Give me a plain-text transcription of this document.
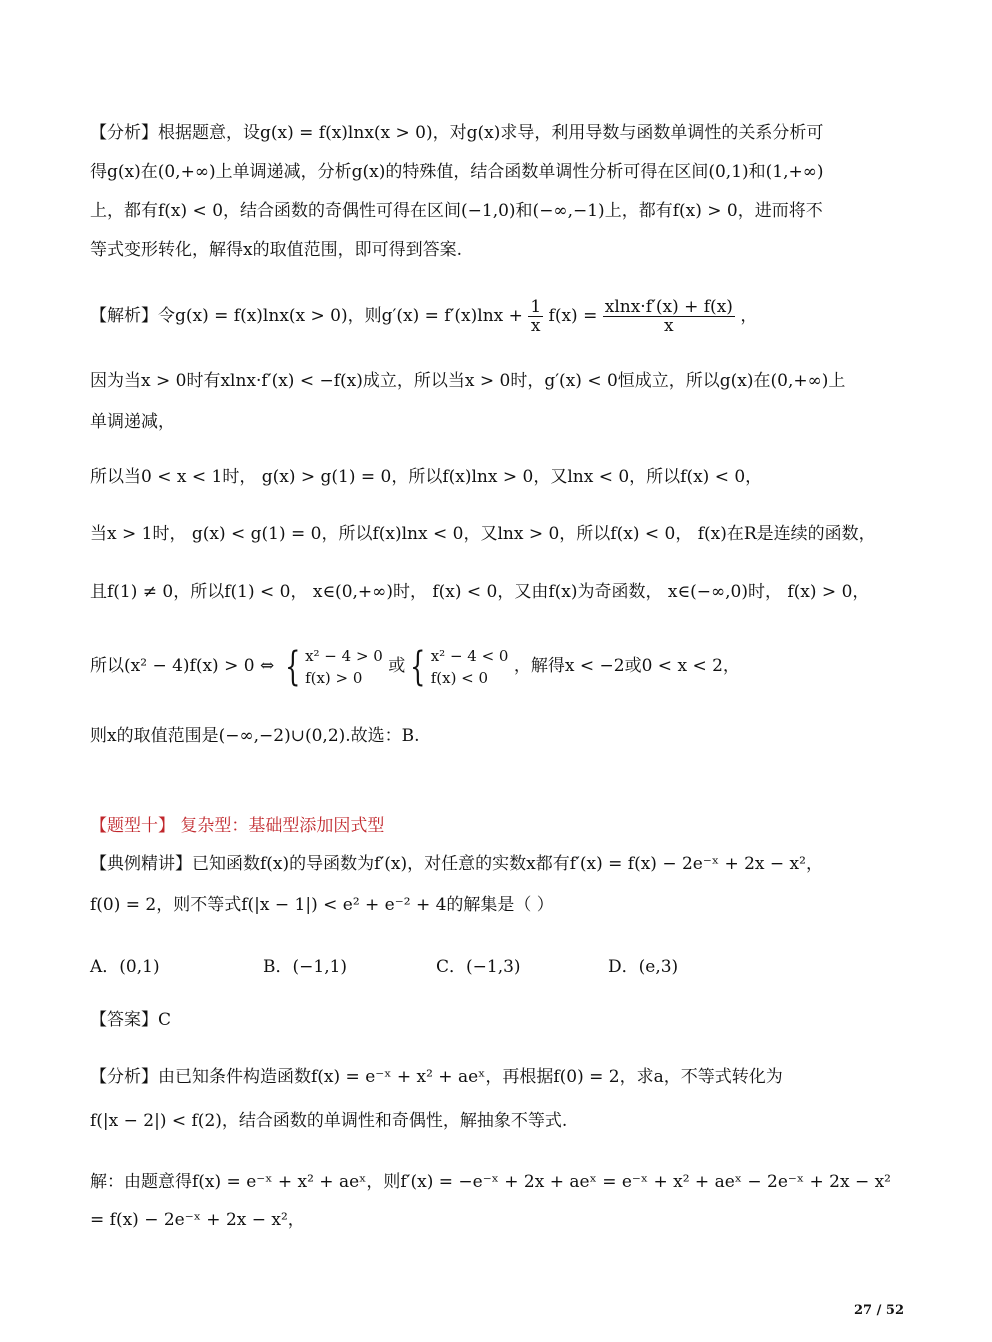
【分析】根据题意，设g(x) = f(x)lnx(x > 0)，对g(x)求导，利用导数与函数单调性的关系分析可
得g(x)在(0,+∞)上单调递减，分析g(x)的特殊值，结合函数单调性分析可得在区间(0,1)和(1,+∞)
上，都有f(x) < 0，结合函数的奇偶性可得在区间(−1,0)和(−∞,−1)上，都有f(x) > 0，进而将不
等式变形转化，解得x的取值范围，即可得到答案.
【解析】令g(x) = f(x)lnx(x > 0)，则$g'(x) = f'(x)\ln x + \frac{1}{x} f(x) = \frac{xlnx\cdot f'(x) + f(x)}{x}$ ，
因为当x > 0时有xlnx·f′(x) < −f(x)成立，所以当x > 0时，g′(x) < 0恒成立，所以g(x)在(0,+∞)上
单调递减，
所以当0 < x < 1时， g(x) > g(1) = 0，所以f(x)lnx > 0，又lnx < 0，所以f(x) < 0，
当x > 1时， g(x) < g(1) = 0，所以f(x)lnx < 0，又lnx > 0，所以f(x) < 0， f(x)在R是连续的函数，
且f(1) ≠ 0，所以f(1) < 0， x∈(0,+∞)时， f(x) < 0，又由f(x)为奇函数， x∈(−∞,0)时， f(x) > 0，
所以(x² − 4)f(x) > 0 ⇔ { x² − 4 > 0
f(x) > 0
或 { x² − 4 < 0
f(x) < 0
，解得x < −2或0 < x < 2，
则x的取值范围是(−∞,−2)∪(0,2).故选：B.
【题型十】 复杂型：基础型添加因式型
【典例精讲】已知函数f(x)的导函数为f′(x)，对任意的实数x都有f′(x) = f(x) − 2e⁻ˣ + 2x − x²，
f(0) = 2，则不等式f(|x − 1|) < e² + e⁻² + 4的解集是（ ）
A．(0,1)	B．(−1,1)	C．(−1,3)	D．(e,3)
【答案】C
【分析】由已知条件构造函数f(x) = e⁻ˣ + x² + aeˣ，再根据f(0) = 2，求a，不等式转化为
f(|x − 2|) < f(2)，结合函数的单调性和奇偶性，解抽象不等式.
解：由题意得f(x) = e⁻ˣ + x² + aeˣ，则f′(x) = −e⁻ˣ + 2x + aeˣ = e⁻ˣ + x² + aeˣ − 2e⁻ˣ + 2x − x²
= f(x) − 2e⁻ˣ + 2x − x²，
27 / 52
